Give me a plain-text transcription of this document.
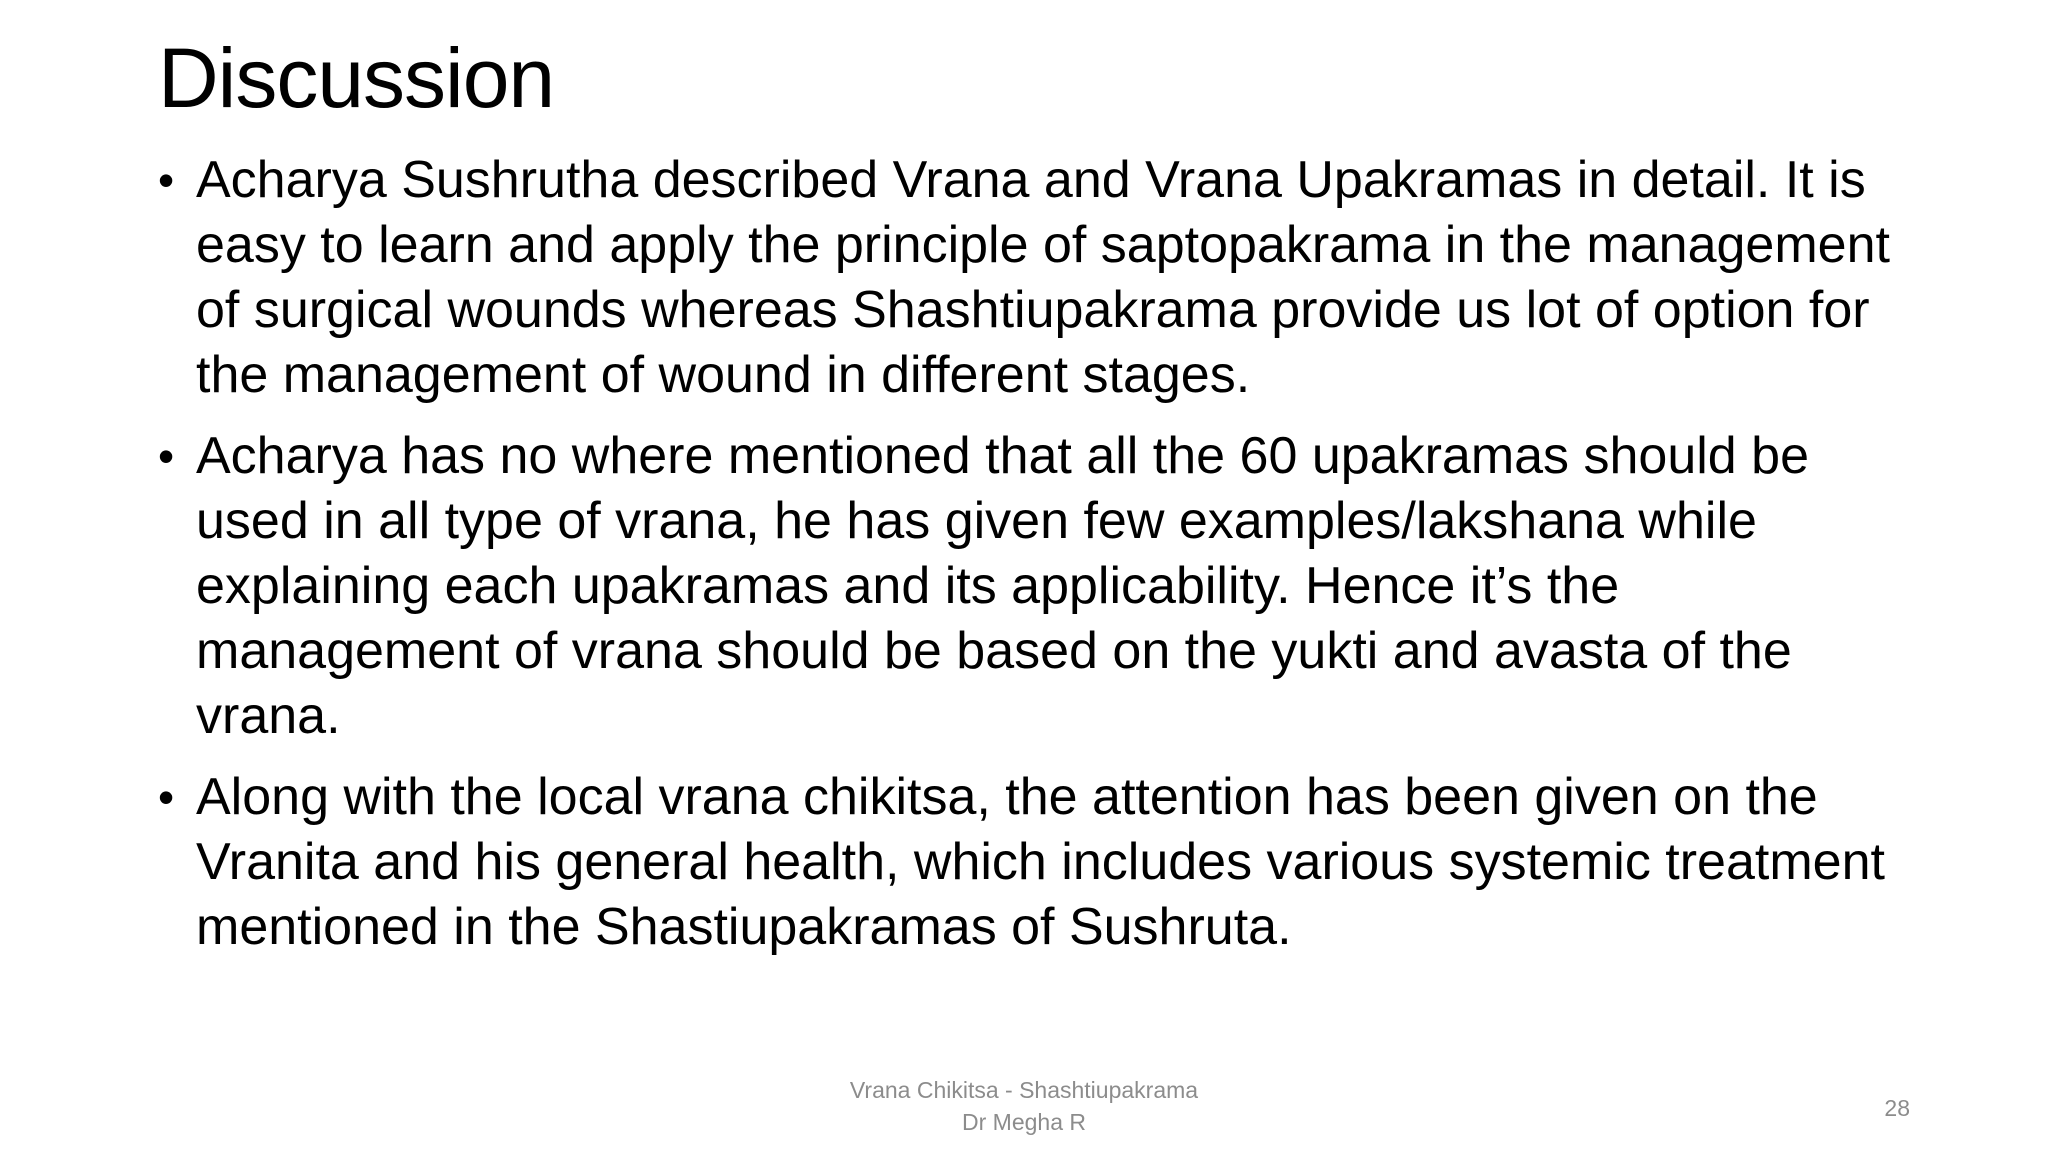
Discussion
• Acharya Sushrutha described Vrana and Vrana Upakramas in detail. It is easy to learn and apply the principle of saptopakrama in the management of surgical wounds whereas Shashtiupakrama provide us lot of option for the management of wound in different stages.
• Acharya has no where mentioned that all the 60 upakramas should be used in all type of vrana, he has given few examples/lakshana while explaining each upakramas and its applicability. Hence it’s the management of vrana should be based on the yukti and avasta of the vrana.
• Along with the local vrana chikitsa, the attention has been given on the Vranita and his general health, which includes various systemic treatment mentioned in the Shastiupakramas of Sushruta.
Vrana Chikitsa - Shashtiupakrama
Dr Megha R
28
